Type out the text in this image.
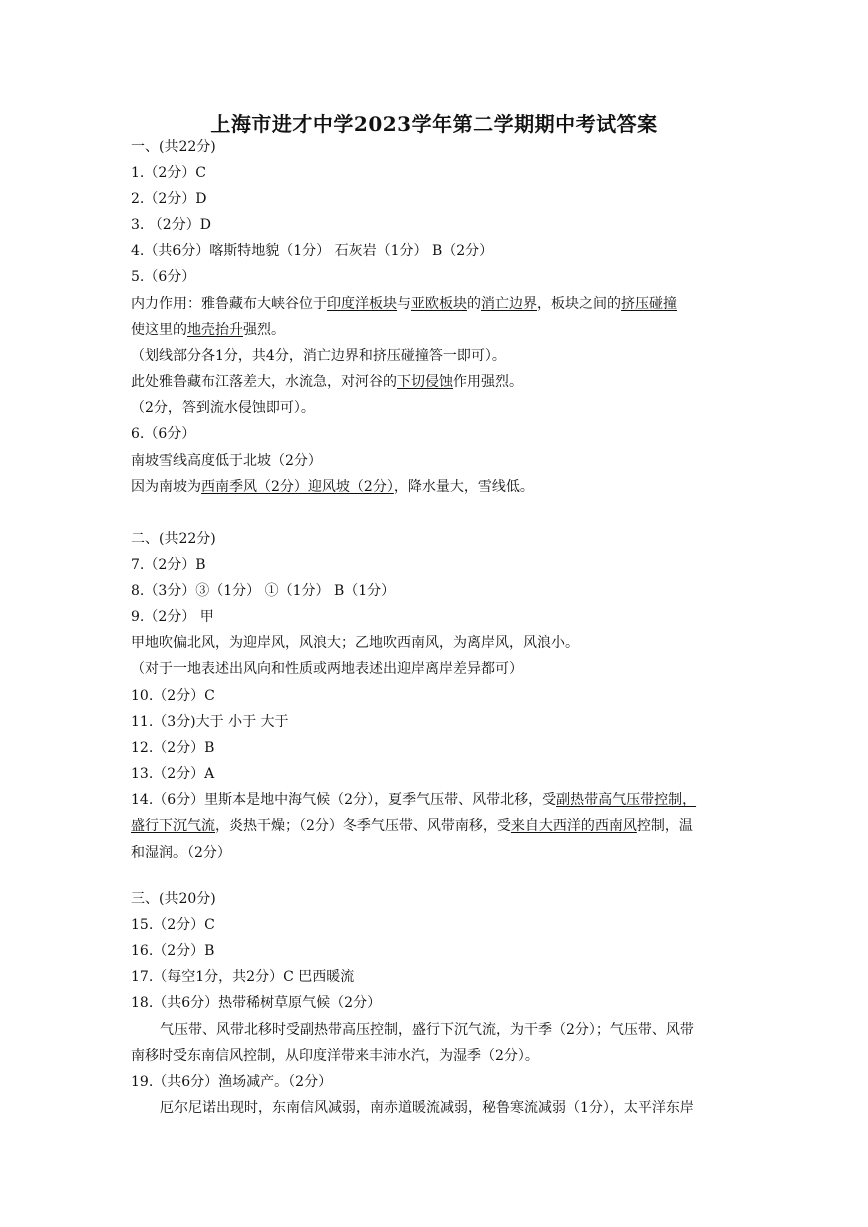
上海市进才中学2023学年第二学期期中考试答案
一、(共22分)
1.（2分）C
2.（2分）D
3. （2分）D
4.（共6分）喀斯特地貌（1分） 石灰岩（1分） B（2分）
5.（6分）
内力作用：雅鲁藏布大峡谷位于印度洋板块与亚欧板块的消亡边界，板块之间的挤压碰撞
使这里的地壳抬升强烈。
（划线部分各1分，共4分，消亡边界和挤压碰撞答一即可）。
此处雅鲁藏布江落差大，水流急，对河谷的下切侵蚀作用强烈。
（2分，答到流水侵蚀即可）。
6.（6分）
南坡雪线高度低于北坡（2分）
因为南坡为西南季风（2分）迎风坡（2分），降水量大，雪线低。
二、(共22分)
7.（2分）B
8.（3分）③（1分） ①（1分） B（1分）
9.（2分） 甲
甲地吹偏北风，为迎岸风，风浪大；乙地吹西南风，为离岸风，风浪小。
（对于一地表述出风向和性质或两地表述出迎岸离岸差异都可）
10.（2分）C
11.（3分)大于 小于 大于
12.（2分）B
13.（2分）A
14.（6分）里斯本是地中海气候（2分），夏季气压带、风带北移，受副热带高气压带控制，
盛行下沉气流，炎热干燥；（2分）冬季气压带、风带南移，受来自大西洋的西南风控制，温
和湿润。（2分）
三、(共20分)
15.（2分）C
16.（2分）B
17.（每空1分，共2分）C 巴西暖流
18.（共6分）热带稀树草原气候（2分）
气压带、风带北移时受副热带高压控制，盛行下沉气流，为干季（2分）；气压带、风带
南移时受东南信风控制，从印度洋带来丰沛水汽，为湿季（2分）。
19.（共6分）渔场减产。（2分）
厄尔尼诺出现时，东南信风减弱，南赤道暖流减弱，秘鲁寒流减弱（1分），太平洋东岸
